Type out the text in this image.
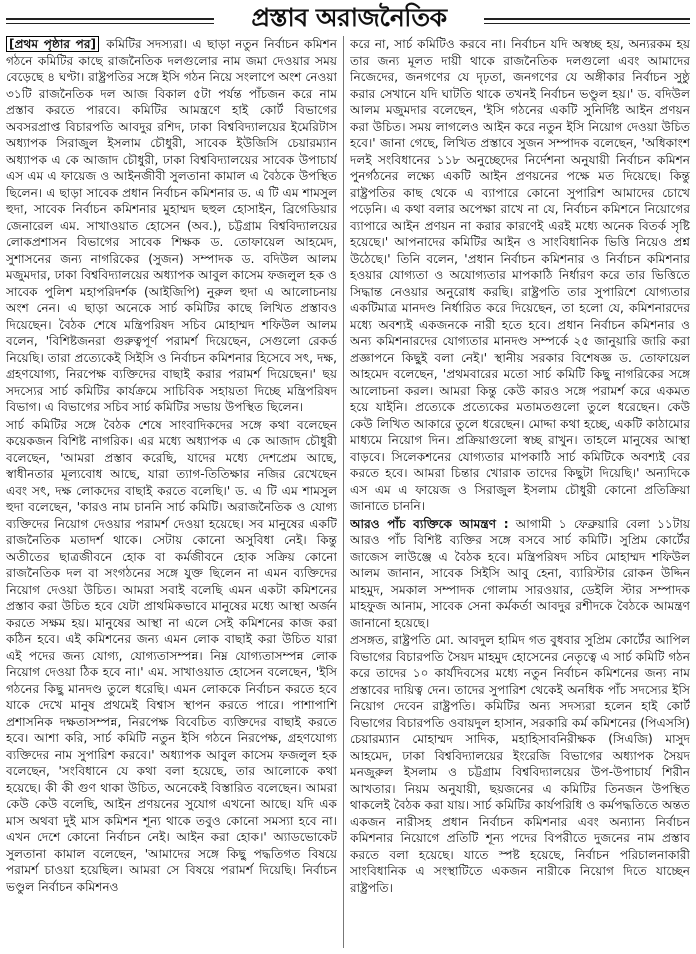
প্রস্তাব অরাজনৈতিক

[প্রথম পৃষ্ঠার পর] কমিটির সদস্যরা। এ ছাড়া নতুন নির্বাচন কমিশন গঠনে কমিটির কাছে রাজনৈতিক দলগুলোর নাম জমা দেওয়ার সময় বেড়েছে ৪ ঘণ্টা। রাষ্ট্রপতির সঙ্গে ইসি গঠন নিয়ে সংলাপে অংশ নেওয়া ৩১টি রাজনৈতিক দল আজ বিকাল ৫টা পর্যন্ত পাঁচজন করে নাম প্রস্তাব করতে পারবে। কমিটির আমন্ত্রণে হাই কোর্ট বিভাগের অবসরপ্রাপ্ত বিচারপতি আবদুর রশিদ, ঢাকা বিশ্ববিদ্যালয়ের ইমেরিটাস অধ্যাপক সিরাজুল ইসলাম চৌধুরী, সাবেক ইউজিসি চেয়ারম্যান অধ্যাপক এ কে আজাদ চৌধুরী, ঢাকা বিশ্ববিদ্যালয়ের সাবেক উপাচার্য এস এম এ ফায়েজ ও আইনজীবী সুলতানা কামাল এ বৈঠকে উপস্থিত ছিলেন। এ ছাড়া সাবেক প্রধান নির্বাচন কমিশনার ড. এ টি এম শামসুল হুদা, সাবেক নির্বাচন কমিশনার মুহাম্মদ ছহুল হোসাইন, ব্রিগেডিয়ার জেনারেল এম. সাখাওয়াত হোসেন (অব.), চট্টগ্রাম বিশ্ববিদ্যালয়ের লোকপ্রশাসন বিভাগের সাবেক শিক্ষক ড. তোফায়েল আহমেদ, সুশাসনের জন্য নাগরিকের (সুজন) সম্পাদক ড. বদিউল আলম মজুমদার, ঢাকা বিশ্ববিদ্যালয়ের অধ্যাপক আবুল কাসেম ফজলুল হক ও সাবেক পুলিশ মহাপরিদর্শক (আইজিপি) নুরুল হুদা এ আলোচনায় অংশ নেন। এ ছাড়া অনেকে সার্চ কমিটির কাছে লিখিত প্রস্তাবও দিয়েছেন। বৈঠক শেষে মন্ত্রিপরিষদ সচিব মোহাম্মদ শফিউল আলম বলেন, 'বিশিষ্টজনরা গুরুত্বপূর্ণ পরামর্শ দিয়েছেন, সেগুলো রেকর্ড নিয়েছি। তারা প্রত্যেকেই সিইসি ও নির্বাচন কমিশনার হিসেবে সৎ, দক্ষ, গ্রহণযোগ্য, নিরপেক্ষ ব্যক্তিদের বাছাই করার পরামর্শ দিয়েছেন।' ছয় সদস্যের সার্চ কমিটির কার্যক্রমে সাচিবিক সহায়তা দিচ্ছে মন্ত্রিপরিষদ বিভাগ। এ বিভাগের সচিব সার্চ কমিটির সভায় উপস্থিত ছিলেন।

সার্চ কমিটির সঙ্গে বৈঠক শেষে সাংবাদিকদের সঙ্গে কথা বলেছেন কয়েকজন বিশিষ্ট নাগরিক। এর মধ্যে অধ্যাপক এ কে আজাদ চৌধুরী বলেছেন, 'আমরা প্রস্তাব করেছি, যাদের মধ্যে দেশপ্রেম আছে, স্বাধীনতার মূল্যবোধ আছে, যারা ত্যাগ-তিতিক্ষার নজির রেখেছেন এবং সৎ, দক্ষ লোকদের বাছাই করতে বলেছি।' ড. এ টি এম শামসুল হুদা বলেছেন, 'কারও নাম চাননি সার্চ কমিটি। অরাজনৈতিক ও যোগ্য ব্যক্তিদের নিয়োগ দেওয়ার পরামর্শ দেওয়া হয়েছে। সব মানুষের একটি রাজনৈতিক মতাদর্শ থাকে। সেটায় কোনো অসুবিধা নেই। কিন্তু অতীতের ছাত্রজীবনে হোক বা কর্মজীবনে হোক সক্রিয় কোনো রাজনৈতিক দল বা সংগঠনের সঙ্গে যুক্ত ছিলেন না এমন ব্যক্তিদের নিয়োগ দেওয়া উচিত। আমরা সবাই বলেছি এমন একটা কমিশনের প্রস্তাব করা উচিত হবে যেটা প্রাথমিকভাবে মানুষের মধ্যে আস্থা অর্জন করতে সক্ষম হয়। মানুষের আস্থা না এলে সেই কমিশনের কাজ করা কঠিন হবে। এই কমিশনের জন্য এমন লোক বাছাই করা উচিত যারা এই পদের জন্য যোগ্য, যোগ্যতাসম্পন্ন। নিম্ন যোগ্যতাসম্পন্ন লোক নিয়োগ দেওয়া ঠিক হবে না।' এম. সাখাওয়াত হোসেন বলেছেন, 'ইসি গঠনের কিছু মানদণ্ড তুলে ধরেছি। এমন লোককে নির্বাচন করতে হবে যাকে দেখে মানুষ প্রথমেই বিশ্বাস স্থাপন করতে পারে। পাশাপাশি প্রশাসনিক দক্ষতাসম্পন্ন, নিরপেক্ষ বিবেচিত ব্যক্তিদের বাছাই করতে হবে। আশা করি, সার্চ কমিটি নতুন ইসি গঠনে নিরপেক্ষ, গ্রহণযোগ্য ব্যক্তিদের নাম সুপারিশ করবে।' অধ্যাপক আবুল কাসেম ফজলুল হক বলেছেন, 'সংবিধানে যে কথা বলা হয়েছে, তার আলোকে কথা হয়েছে। কী কী গুণ থাকা উচিত, অনেকেই বিস্তারিত বলেছেন। আমরা কেউ কেউ বলেছি, আইন প্রণয়নের সুযোগ এখনো আছে। যদি এক মাস অথবা দুই মাস কমিশন শূন্য থাকে তবুও কোনো সমস্যা হবে না। এখন দেশে কোনো নির্বাচন নেই। আইন করা হোক।' অ্যাডভোকেট সুলতানা কামাল বলেছেন, 'আমাদের সঙ্গে কিছু পদ্ধতিগত বিষয়ে পরামর্শ চাওয়া হয়েছিল। আমরা সে বিষয়ে পরামর্শ দিয়েছি। নির্বাচন ভণ্ডুল নির্বাচন কমিশনও

করে না, সার্চ কমিটিও করবে না। নির্বাচন যদি অস্বচ্ছ হয়, অন্যরকম হয় তার জন্য মূলত দায়ী থাকে রাজনৈতিক দলগুলো এবং আমাদের নিজেদের, জনগণের যে দৃঢ়তা, জনগণের যে অঙ্গীকার নির্বাচন সুষ্ঠু করার সেখানে যদি ঘাটতি থাকে তখনই নির্বাচন ভণ্ডুল হয়।' ড. বদিউল আলম মজুমদার বলেছেন, 'ইসি গঠনের একটি সুনির্দিষ্ট আইন প্রণয়ন করা উচিত। সময় লাগলেও আইন করে নতুন ইসি নিয়োগ দেওয়া উচিত হবে।' জানা গেছে, লিখিত প্রস্তাবে সুজন সম্পাদক বলেছেন, 'অধিকাংশ দলই সংবিধানের ১১৮ অনুচ্ছেদের নির্দেশনা অনুযায়ী নির্বাচন কমিশন পুনর্গঠনের লক্ষ্যে একটি আইন প্রণয়নের পক্ষে মত দিয়েছে। কিন্তু রাষ্ট্রপতির কাছ থেকে এ ব্যাপারে কোনো সুপারিশ আমাদের চোখে পড়েনি। এ কথা বলার অপেক্ষা রাখে না যে, নির্বাচন কমিশনে নিয়োগের ব্যাপারে আইন প্রণয়ন না করার কারণেই এরই মধ্যে অনেক বিতর্ক সৃষ্টি হয়েছে।' আপনাদের কমিটির আইন ও সাংবিধানিক ভিত্তি নিয়েও প্রশ্ন উঠেছে।' তিনি বলেন, 'প্রধান নির্বাচন কমিশনার ও নির্বাচন কমিশনার হওয়ার যোগ্যতা ও অযোগ্যতার মাপকাঠি নির্ধারণ করে তার ভিত্তিতে সিদ্ধান্ত নেওয়ার অনুরোধ করছি। রাষ্ট্রপতি তার সুপারিশে যোগ্যতার একটিমাত্র মানদণ্ড নির্ধারিত করে দিয়েছেন, তা হলো যে, কমিশনারদের মধ্যে অবশ্যই একজনকে নারী হতে হবে। প্রধান নির্বাচন কমিশনার ও অন্য কমিশনারদের যোগ্যতার মানদণ্ড সম্পর্কে ২৫ জানুয়ারি জারি করা প্রজ্ঞাপনে কিছুই বলা নেই।' স্থানীয় সরকার বিশেষজ্ঞ ড. তোফায়েল আহমেদ বলেছেন, 'প্রথমবারের মতো সার্চ কমিটি কিছু নাগরিকের সঙ্গে আলোচনা করল। আমরা কিন্তু কেউ কারও সঙ্গে পরামর্শ করে একমত হয়ে যাইনি। প্রত্যেকে প্রত্যেকের মতামতগুলো তুলে ধরেছেন। কেউ কেউ লিখিত আকারে তুলে ধরেছেন। মোদ্দা কথা হচ্ছে, একটি কাঠামোর মাধ্যমে নিয়োগ দিন। প্রক্রিয়াগুলো স্বচ্ছ রাখুন। তাহলে মানুষের আস্থা বাড়বে। সিলেকশনের যোগ্যতার মাপকাঠি সার্চ কমিটিকে অবশ্যই বের করতে হবে। আমরা চিন্তার খোরাক তাদের কিছুটা দিয়েছি।' অন্যদিকে এস এম এ ফায়েজ ও সিরাজুল ইসলাম চৌধুরী কোনো প্রতিক্রিয়া জানাতে চাননি।

আরও পাঁচ ব্যক্তিকে আমন্ত্রণ : আগামী ১ ফেব্রুয়ারি বেলা ১১টায় আরও পাঁচ বিশিষ্ট ব্যক্তির সঙ্গে বসবে সার্চ কমিটি। সুপ্রিম কোর্টের জাজেস লাউঞ্জে এ বৈঠক হবে। মন্ত্রিপরিষদ সচিব মোহাম্মদ শফিউল আলম জানান, সাবেক সিইসি আবু হেনা, ব্যারিস্টার রোকন উদ্দিন মাহমুদ, সমকাল সম্পাদক গোলাম সারওয়ার, ডেইলি স্টার সম্পাদক মাহফুজ আনাম, সাবেক সেনা কর্মকর্তা আবদুর রশীদকে বৈঠকে আমন্ত্রণ জানানো হয়েছে।

প্রসঙ্গত, রাষ্ট্রপতি মো. আবদুল হামিদ গত বুধবার সুপ্রিম কোর্টের আপিল বিভাগের বিচারপতি সৈয়দ মাহমুদ হোসেনের নেতৃত্বে এ সার্চ কমিটি গঠন করে তাদের ১০ কার্যদিবসের মধ্যে নতুন নির্বাচন কমিশনের জন্য নাম প্রস্তাবের দায়িত্ব দেন। তাদের সুপারিশ থেকেই অনধিক পাঁচ সদস্যের ইসি নিয়োগ দেবেন রাষ্ট্রপতি। কমিটির অন্য সদস্যরা হলেন হাই কোর্ট বিভাগের বিচারপতি ওবায়দুল হাসান, সরকারি কর্ম কমিশনের (পিএসসি) চেয়ারম্যান মোহাম্মদ সাদিক, মহাহিসাবনিরীক্ষক (সিএজি) মাসুদ আহমেদ, ঢাকা বিশ্ববিদ্যালয়ের ইংরেজি বিভাগের অধ্যাপক সৈয়দ মনজুরুল ইসলাম ও চট্টগ্রাম বিশ্ববিদ্যালয়ের উপ-উপাচার্য শিরীন আখতার। নিয়ম অনুযায়ী, ছয়জনের এ কমিটির তিনজন উপস্থিত থাকলেই বৈঠক করা যায়। সার্চ কমিটির কার্যপরিধি ও কর্মপদ্ধতিতে অন্তত একজন নারীসহ প্রধান নির্বাচন কমিশনার এবং অন্যান্য নির্বাচন কমিশনার নিয়োগে প্রতিটি শূন্য পদের বিপরীতে দুজনের নাম প্রস্তাব করতে বলা হয়েছে। যাতে স্পষ্ট হয়েছে, নির্বাচন পরিচালনাকারী সাংবিধানিক এ সংস্থাটিতে একজন নারীকে নিয়োগ দিতে যাচ্ছেন রাষ্ট্রপতি।
